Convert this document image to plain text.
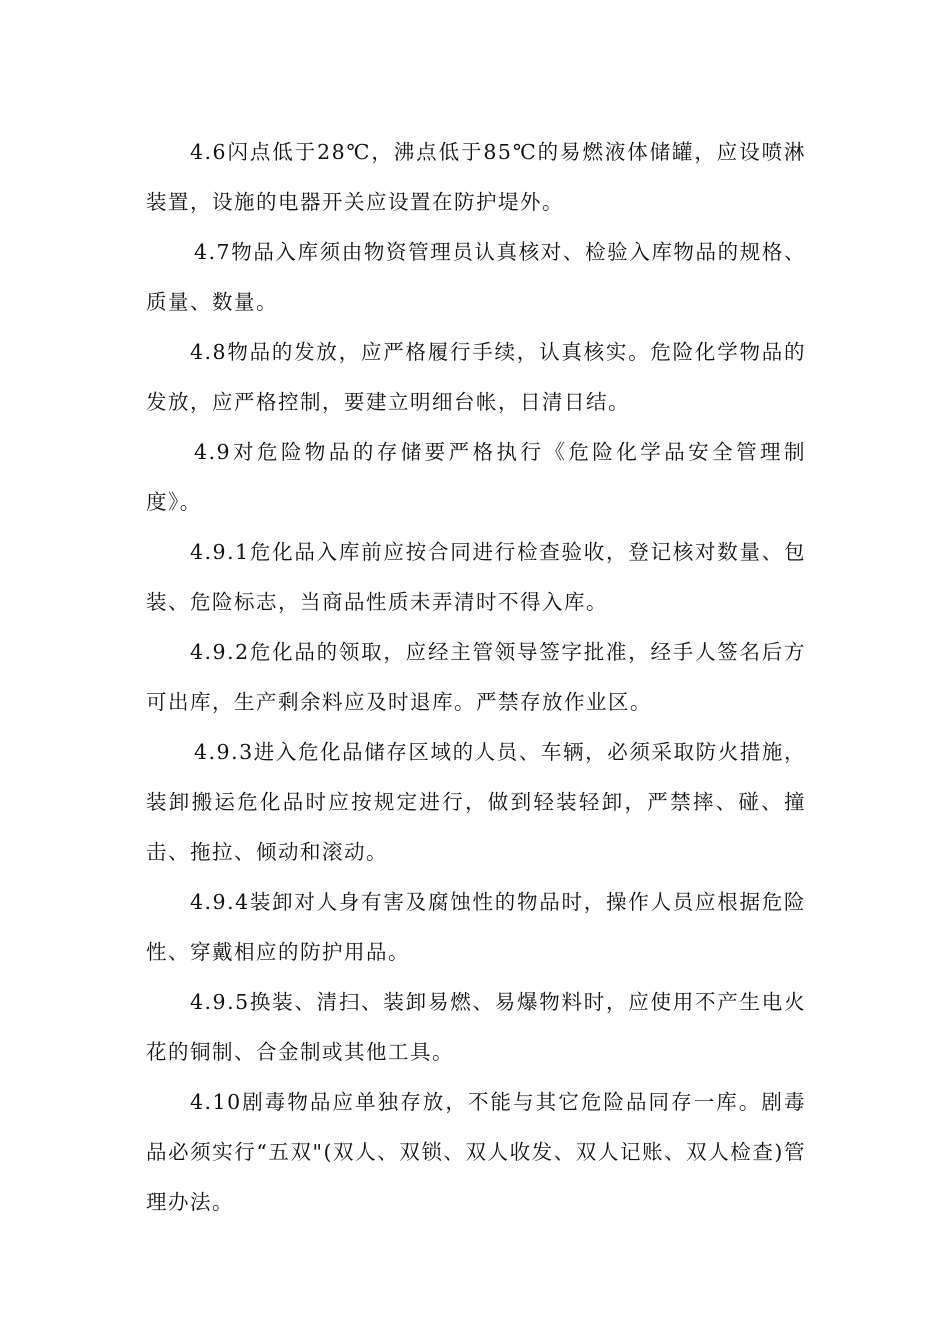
4.6闪点低于28℃，沸点低于85℃的易燃液体储罐，应设喷淋装置，设施的电器开关应设置在防护堤外。

4.7物品入库须由物资管理员认真核对、检验入库物品的规格、质量、数量。

4.8物品的发放，应严格履行手续，认真核实。危险化学物品的发放，应严格控制，要建立明细台帐，日清日结。

4.9对危险物品的存储要严格执行《危险化学品安全管理制度》。

4.9.1危化品入库前应按合同进行检查验收，登记核对数量、包装、危险标志，当商品性质未弄清时不得入库。

4.9.2危化品的领取，应经主管领导签字批准，经手人签名后方可出库，生产剩余料应及时退库。严禁存放作业区。

4.9.3进入危化品储存区域的人员、车辆，必须采取防火措施，装卸搬运危化品时应按规定进行，做到轻装轻卸，严禁摔、碰、撞击、拖拉、倾动和滚动。

4.9.4装卸对人身有害及腐蚀性的物品时，操作人员应根据危险性、穿戴相应的防护用品。

4.9.5换装、清扫、装卸易燃、易爆物料时，应使用不产生电火花的铜制、合金制或其他工具。

4.10剧毒物品应单独存放，不能与其它危险品同存一库。剧毒品必须实行“五双"(双人、双锁、双人收发、双人记账、双人检查)管理办法。
